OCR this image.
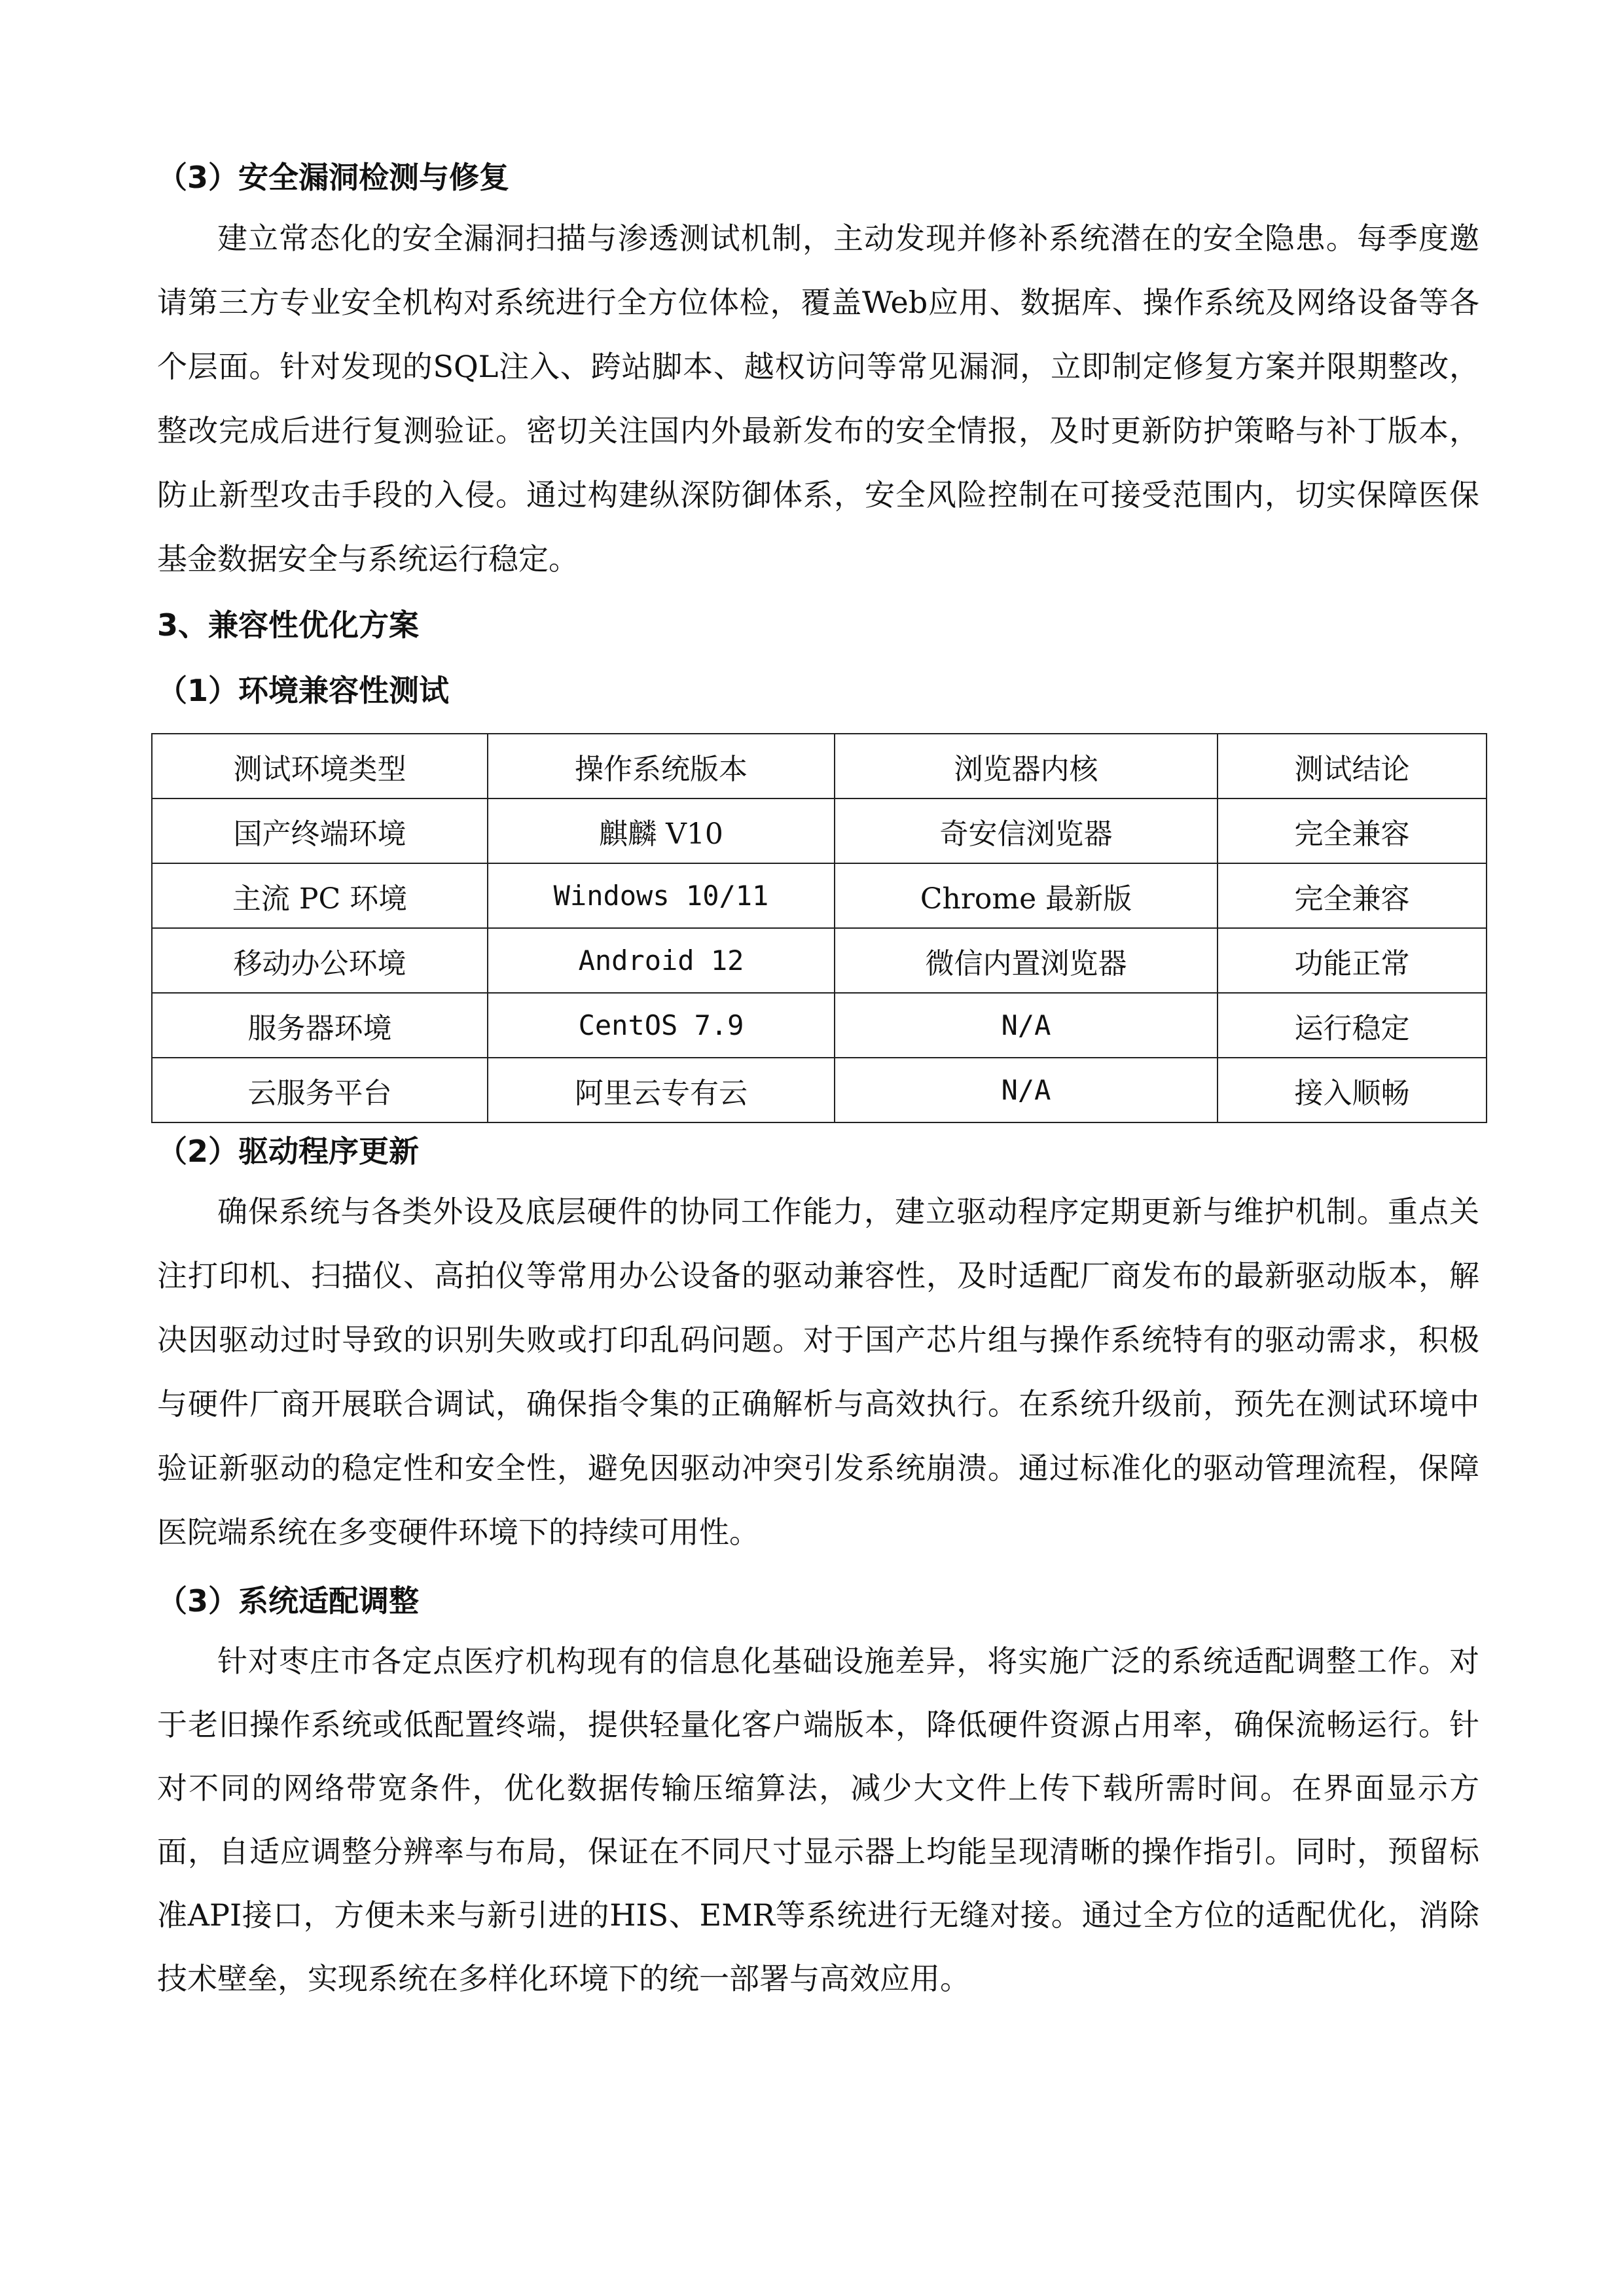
（3）安全漏洞检测与修复

建立常态化的安全漏洞扫描与渗透测试机制，主动发现并修补系统潜在的安全隐患。每季度邀请第三方专业安全机构对系统进行全方位体检，覆盖Web应用、数据库、操作系统及网络设备等各个层面。针对发现的SQL注入、跨站脚本、越权访问等常见漏洞，立即制定修复方案并限期整改，整改完成后进行复测验证。密切关注国内外最新发布的安全情报，及时更新防护策略与补丁版本，防止新型攻击手段的入侵。通过构建纵深防御体系，安全风险控制在可接受范围内，切实保障医保基金数据安全与系统运行稳定。

3、兼容性优化方案

（1）环境兼容性测试

测试环境类型	操作系统版本	浏览器内核	测试结论
国产终端环境	麒麟 V10	奇安信浏览器	完全兼容
主流 PC 环境	Windows 10/11	Chrome 最新版	完全兼容
移动办公环境	Android 12	微信内置浏览器	功能正常
服务器环境	CentOS 7.9	N/A	运行稳定
云服务平台	阿里云专有云	N/A	接入顺畅

（2）驱动程序更新

确保系统与各类外设及底层硬件的协同工作能力，建立驱动程序定期更新与维护机制。重点关注打印机、扫描仪、高拍仪等常用办公设备的驱动兼容性，及时适配厂商发布的最新驱动版本，解决因驱动过时导致的识别失败或打印乱码问题。对于国产芯片组与操作系统特有的驱动需求，积极与硬件厂商开展联合调试，确保指令集的正确解析与高效执行。在系统升级前，预先在测试环境中验证新驱动的稳定性和安全性，避免因驱动冲突引发系统崩溃。通过标准化的驱动管理流程，保障医院端系统在多变硬件环境下的持续可用性。

（3）系统适配调整

针对枣庄市各定点医疗机构现有的信息化基础设施差异，将实施广泛的系统适配调整工作。对于老旧操作系统或低配置终端，提供轻量化客户端版本，降低硬件资源占用率，确保流畅运行。针对不同的网络带宽条件，优化数据传输压缩算法，减少大文件上传下载所需时间。在界面显示方面，自适应调整分辨率与布局，保证在不同尺寸显示器上均能呈现清晰的操作指引。同时，预留标准API接口，方便未来与新引进的HIS、EMR等系统进行无缝对接。通过全方位的适配优化，消除技术壁垒，实现系统在多样化环境下的统一部署与高效应用。
